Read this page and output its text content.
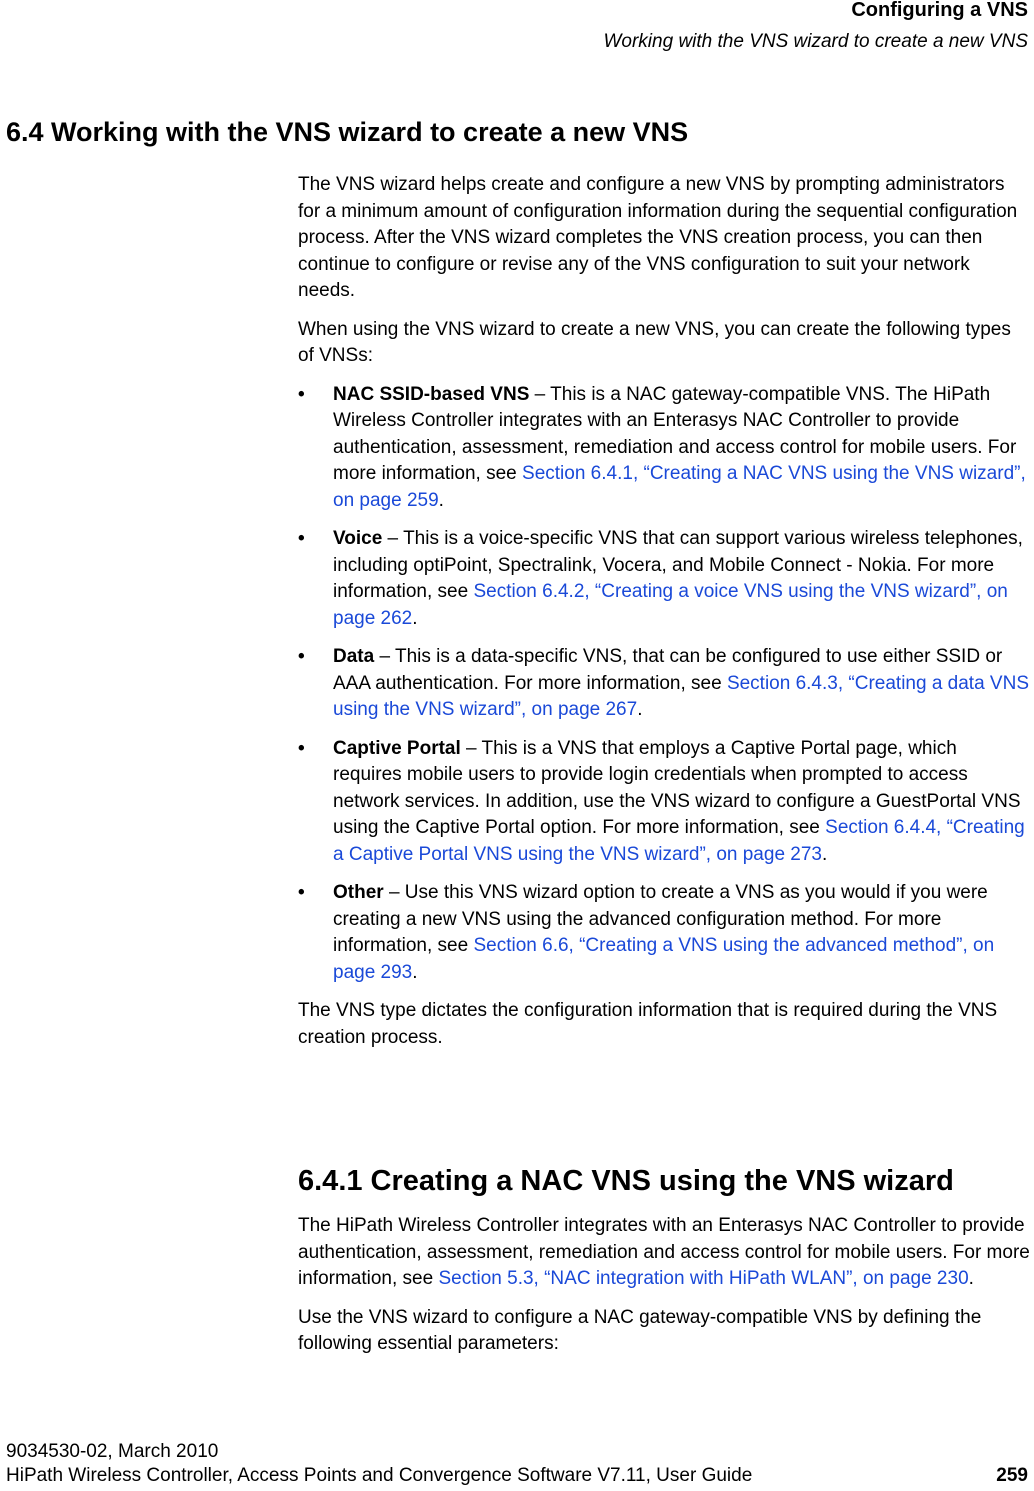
Configuring a VNS
Working with the VNS wizard to create a new VNS
6.4 Working with the VNS wizard to create a new VNS

The VNS wizard helps create and configure a new VNS by prompting administrators for a minimum amount of configuration information during the sequential configuration process. After the VNS wizard completes the VNS creation process, you can then continue to configure or revise any of the VNS configuration to suit your network needs.

When using the VNS wizard to create a new VNS, you can create the following types of VNSs:

• NAC SSID-based VNS – This is a NAC gateway-compatible VNS. The HiPath Wireless Controller integrates with an Enterasys NAC Controller to provide authentication, assessment, remediation and access control for mobile users. For more information, see Section 6.4.1, “Creating a NAC VNS using the VNS wizard”, on page 259.
• Voice – This is a voice-specific VNS that can support various wireless telephones, including optiPoint, Spectralink, Vocera, and Mobile Connect - Nokia. For more information, see Section 6.4.2, “Creating a voice VNS using the VNS wizard”, on page 262.
• Data – This is a data-specific VNS, that can be configured to use either SSID or AAA authentication. For more information, see Section 6.4.3, “Creating a data VNS using the VNS wizard”, on page 267.
• Captive Portal – This is a VNS that employs a Captive Portal page, which requires mobile users to provide login credentials when prompted to access network services. In addition, use the VNS wizard to configure a GuestPortal VNS using the Captive Portal option. For more information, see Section 6.4.4, “Creating a Captive Portal VNS using the VNS wizard”, on page 273.
• Other – Use this VNS wizard option to create a VNS as you would if you were creating a new VNS using the advanced configuration method. For more information, see Section 6.6, “Creating a VNS using the advanced method”, on page 293.

The VNS type dictates the configuration information that is required during the VNS creation process.

6.4.1 Creating a NAC VNS using the VNS wizard

The HiPath Wireless Controller integrates with an Enterasys NAC Controller to provide authentication, assessment, remediation and access control for mobile users. For more information, see Section 5.3, “NAC integration with HiPath WLAN”, on page 230.

Use the VNS wizard to configure a NAC gateway-compatible VNS by defining the following essential parameters:

9034530-02, March 2010
HiPath Wireless Controller, Access Points and Convergence Software V7.11, User Guide	259
